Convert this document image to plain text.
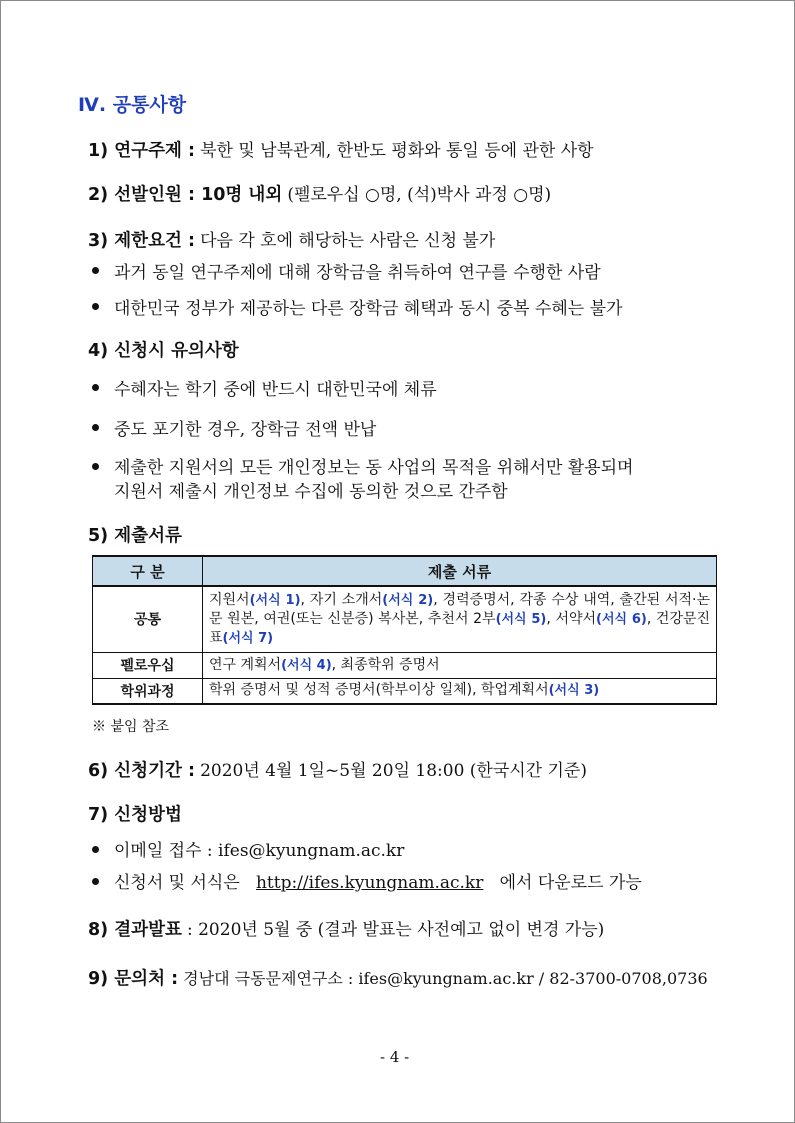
Ⅳ. 공통사항
1) 연구주제 : 북한 및 남북관계, 한반도 평화와 통일 등에 관한 사항
2) 선발인원 : 10명 내외 (펠로우십 ○명, (석)박사 과정 ○명)
3) 제한요건 : 다음 각 호에 해당하는 사람은 신청 불가
과거 동일 연구주제에 대해 장학금을 취득하여 연구를 수행한 사람
대한민국 정부가 제공하는 다른 장학금 혜택과 동시 중복 수혜는 불가
4) 신청시 유의사항
수혜자는 학기 중에 반드시 대한민국에 체류
중도 포기한 경우, 장학금 전액 반납
제출한 지원서의 모든 개인정보는 동 사업의 목적을 위해서만 활용되며
지원서 제출시 개인정보 수집에 동의한 것으로 간주함
5) 제출서류
구 분	제출 서류
공통	지원서(서식 1), 자기 소개서(서식 2), 경력증명서, 각종 수상 내역, 출간된 서적·논문 원본, 여권(또는 신분증) 복사본, 추천서 2부(서식 5), 서약서(서식 6), 건강문진표(서식 7)
펠로우십	연구 계획서(서식 4), 최종학위 증명서
학위과정	학위 증명서 및 성적 증명서(학부이상 일체), 학업계획서(서식 3)
※ 붙임 참조
6) 신청기간 : 2020년 4월 1일~5월 20일 18:00 (한국시간 기준)
7) 신청방법
이메일 접수 : ifes@kyungnam.ac.kr
신청서 및 서식은 http://ifes.kyungnam.ac.kr 에서 다운로드 가능
8) 결과발표 : 2020년 5월 중 (결과 발표는 사전예고 없이 변경 가능)
9) 문의처 : 경남대 극동문제연구소 : ifes@kyungnam.ac.kr / 82-3700-0708,0736
- 4 -
